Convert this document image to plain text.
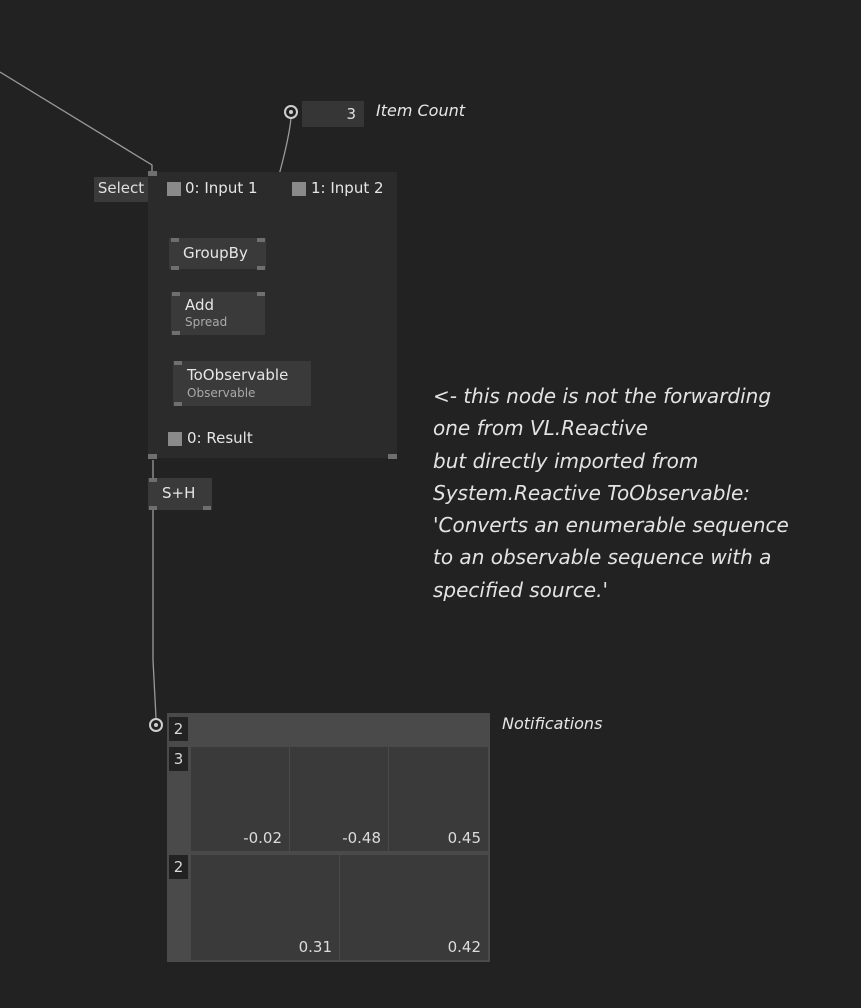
Select	0: Input 1	1: Input 2
GroupBy
Add
Spread
ToObservable
Observable
0: Result
S+H
3 Item Count
<- this node is not the forwarding
one from VL.Reactive
but directly imported from
System.Reactive ToObservable:
'Converts an enumerable sequence
to an observable sequence with a
specified source.'
2
3
-0.02	-0.48	0.45
2
0.31	0.42
Notifications
